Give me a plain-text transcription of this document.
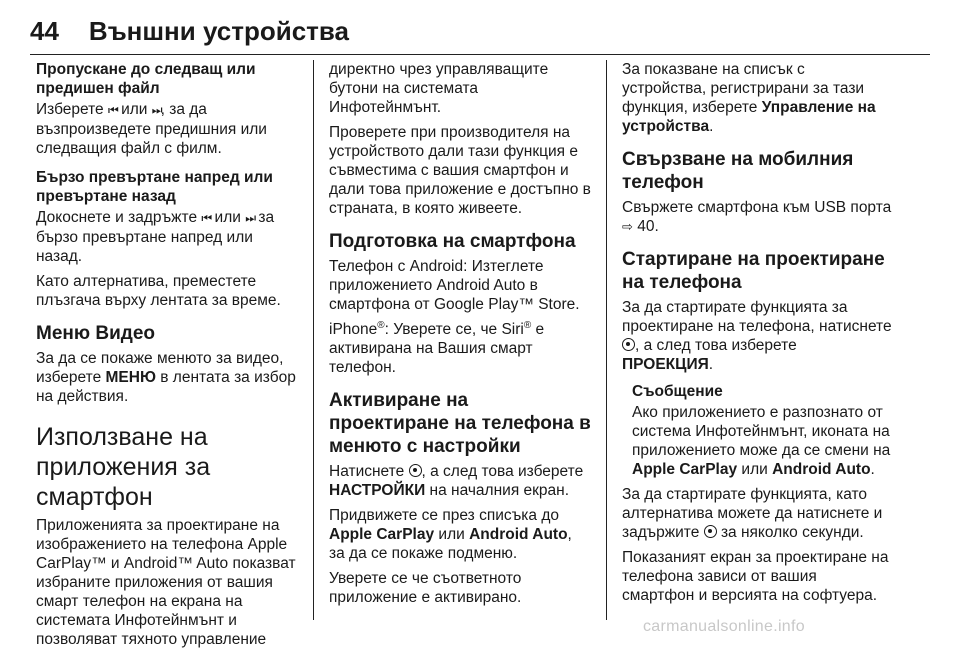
44 Външни устройства
Пропускане до следващ или предишен файл
Изберете ⏮ или ⏭, за да възпроизведете предишния или следващия файл с филм.
Бързо превъртане напред или превъртане назад
Докоснете и задръжте ⏮ или ⏭ за бързо превъртане напред или назад.
Като алтернатива, преместете плъзгача върху лентата за време.
Меню Видео
За да се покаже менюто за видео, изберете МЕНЮ в лентата за избор на действия.
Използване на приложения за смартфон
Приложенията за проектиране на изображението на телефона Apple CarPlay™ и Android™ Auto показват избраните приложения от вашия смарт телефон на екрана на системата Инфотейнмънт и позволяват тяхното управление
директно чрез управляващите бутони на системата Инфотейнмънт.
Проверете при производителя на устройството дали тази функция е съвместима с вашия смартфон и дали това приложение е достъпно в страната, в която живеете.
Подготовка на смартфона
Телефон с Android: Изтеглете приложението Android Auto в смартфона от Google Play™ Store.
iPhone®: Уверете се, че Siri® е активирана на Вашия смарт телефон.
Активиране на проектиране на телефона в менюто с настройки
Натиснете , а след това изберете НАСТРОЙКИ на началния екран.
Придвижете се през списъка до Apple CarPlay или Android Auto, за да се покаже подменю.
Уверете се че съответното приложение е активирано.
За показване на списък с устройства, регистрирани за тази функция, изберете Управление на устройства.
Свързване на мобилния телефон
Свържете смартфона към USB порта ⇨ 40.
Стартиране на проектиране на телефона
За да стартирате функцията за проектиране на телефона, натиснете , а след това изберете ПРОЕКЦИЯ.
Съобщение
Ако приложението е разпознато от система Инфотейнмънт, иконата на приложението може да се смени на Apple CarPlay или Android Auto.
За да стартирате функцията, като алтернатива можете да натиснете и задържите за няколко секунди.
Показаният екран за проектиране на телефона зависи от вашия смартфон и версията на софтуера.
carmanualsonline.info
